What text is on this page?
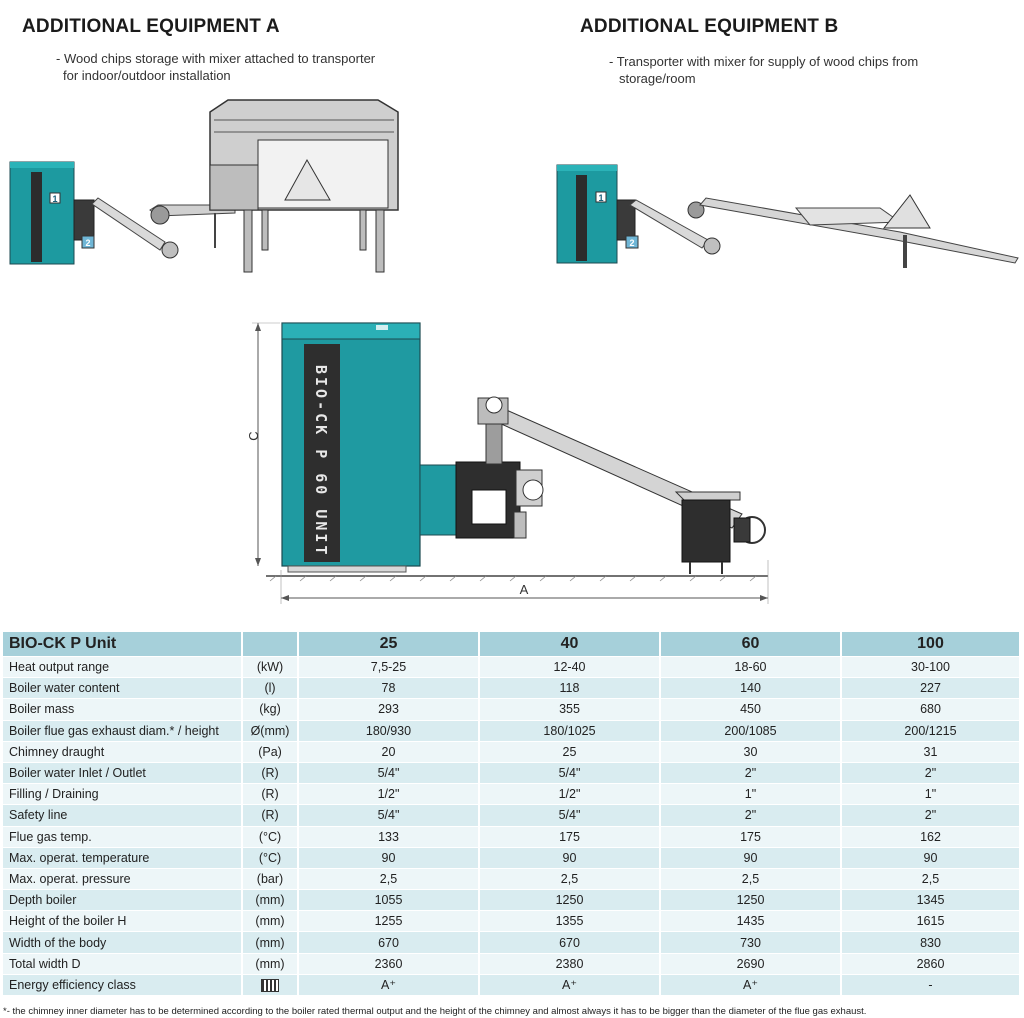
ADDITIONAL EQUIPMENT A
- Wood chips storage with mixer attached to transporter
for indoor/outdoor installation
ADDITIONAL EQUIPMENT B
- Transporter with mixer for supply of wood chips from
storage/room
1
2
1
2
C
A
BIO-CK P 60 UNIT
BIO-CK P Unit		25	40	60	100
Heat output range	(kW)	7,5-25	12-40	18-60	30-100
Boiler water content	(l)	78	118	140	227
Boiler mass	(kg)	293	355	450	680
Boiler flue gas exhaust diam.* / height	Ø(mm)	180/930	180/1025	200/1085	200/1215
Chimney draught	(Pa)	20	25	30	31
Boiler water Inlet / Outlet	(R)	5/4"	5/4"	2"	2"
Filling / Draining	(R)	1/2"	1/2"	1"	1"
Safety line	(R)	5/4"	5/4"	2"	2"
Flue gas temp.	(°C)	133	175	175	162
Max. operat. temperature	(°C)	90	90	90	90
Max. operat. pressure	(bar)	2,5	2,5	2,5	2,5
Depth boiler	(mm)	1055	1250	1250	1345
Height of the boiler H	(mm)	1255	1355	1435	1615
Width of the body	(mm)	670	670	730	830
Total width D	(mm)	2360	2380	2690	2860
Energy efficiency class		A⁺	A⁺	A⁺	-
*- the chimney inner diameter has to be determined according to the boiler rated thermal output and the height of the chimney and almost always it has to be bigger than the diameter of the flue gas exhaust.
